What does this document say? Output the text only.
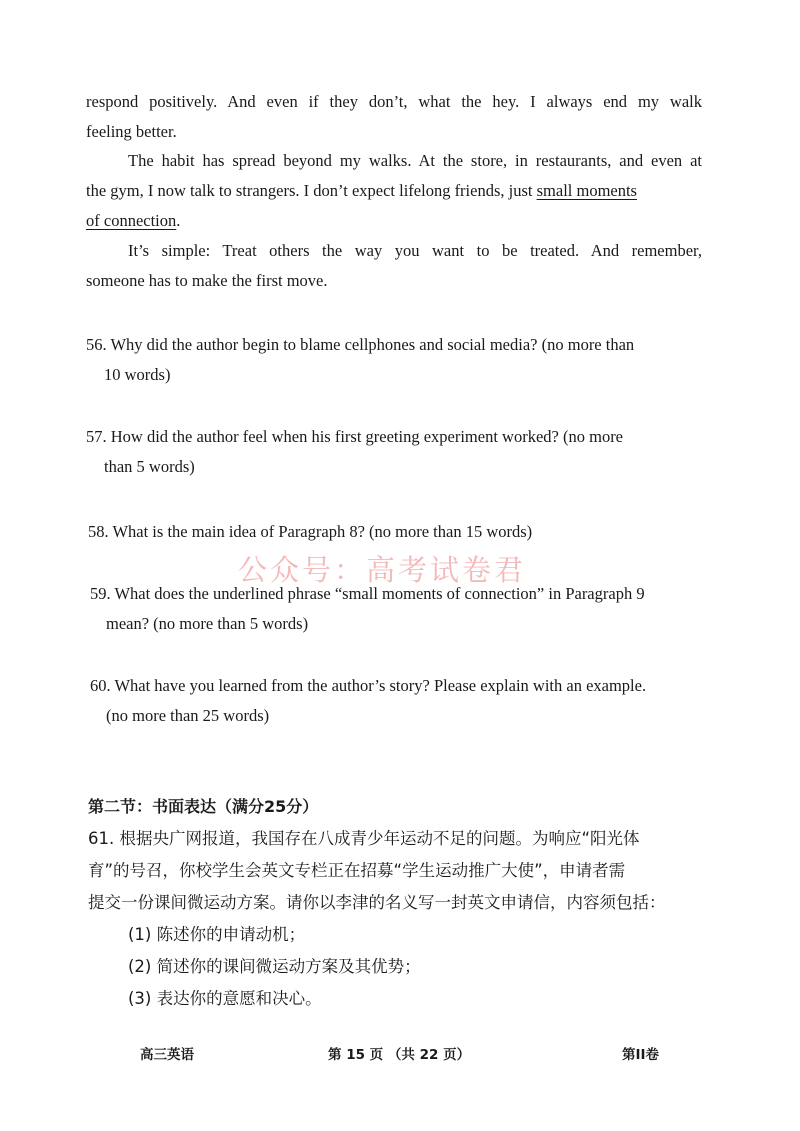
respond positively. And even if they don’t, what the hey. I always end my walk
feeling better.
The habit has spread beyond my walks. At the store, in restaurants, and even at
the gym, I now talk to strangers. I don’t expect lifelong friends, just small moments
of connection.
It’s simple: Treat others the way you want to be treated. And remember,
someone has to make the first move.
56. Why did the author begin to blame cellphones and social media? (no more than
10 words)
57. How did the author feel when his first greeting experiment worked? (no more
than 5 words)
58. What is the main idea of Paragraph 8? (no more than 15 words)
公众号：高考试卷君
59. What does the underlined phrase “small moments of connection” in Paragraph 9
mean? (no more than 5 words)
60. What have you learned from the author’s story? Please explain with an example.
(no more than 25 words)
第二节：书面表达（满分25分）
61. 根据央广网报道，我国存在八成青少年运动不足的问题。为响应“阳光体
育”的号召，你校学生会英文专栏正在招募“学生运动推广大使”，申请者需
提交一份课间微运动方案。请你以李津的名义写一封英文申请信，内容须包括：
(1) 陈述你的申请动机；
(2) 简述你的课间微运动方案及其优势；
(3) 表达你的意愿和决心。
高三英语	第 15 页 （共 22 页）	第II卷
